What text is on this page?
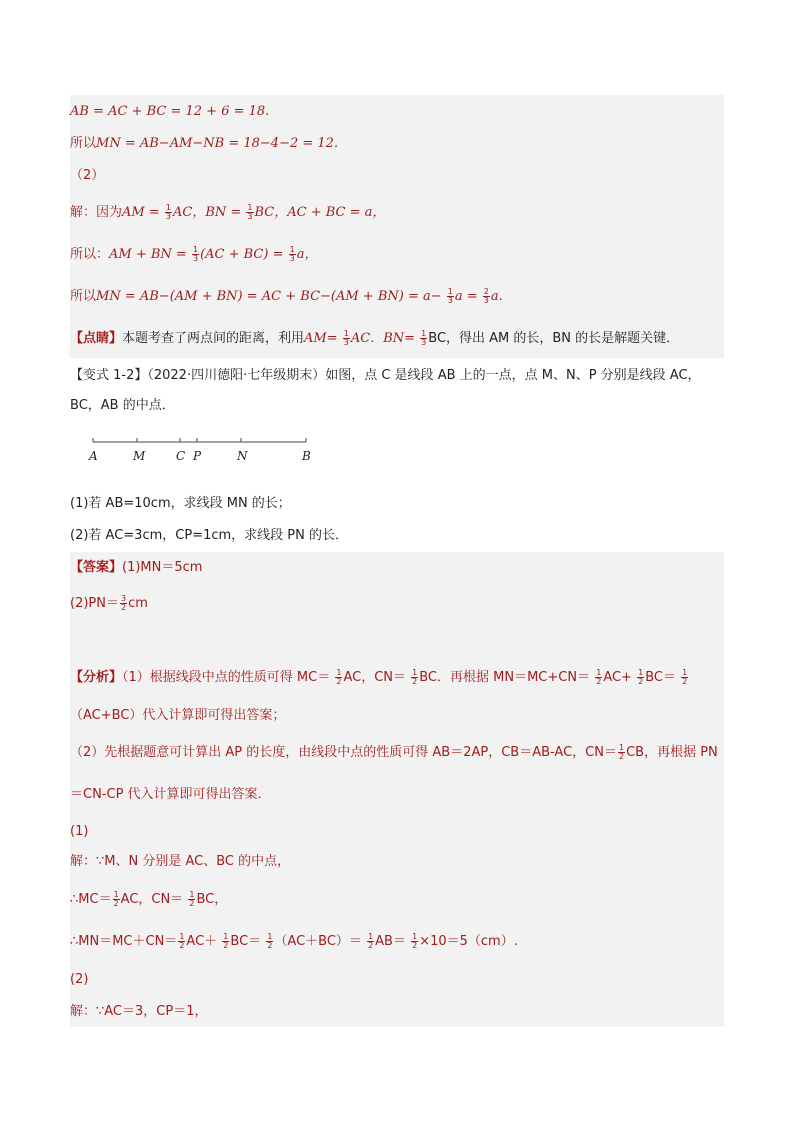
AB = AC + BC = 12 + 6 = 18.
所以MN = AB−AM−NB = 18−4−2 = 12.
（2）
解：因为AM = $\frac{1}{3}$ AC，BN = $\frac{1}{3}$ BC，AC + BC = a，
所以：AM + BN = $\frac{1}{3} (AC + BC) = \frac{1}{3}$ a，
所以MN = AB−(AM + BN) = AC + $BC-(AM + BN) = a- \frac{1}{3}$ $a = \frac{2}{3} a$.
【点睛】本题考查了两点间的距离，利用$AM= \frac{1}{3}$ AC．$BN= \frac{1}{3}$ BC，得出 AM 的长，BN 的长是解题关键．
【变式 1-2】（2022·四川德阳·七年级期末）如图，点 C 是线段 AB 上的一点，点 M、N、P 分别是线段 AC，
BC，AB 的中点．
A	M	C P	N	B
(1)若 AB=10cm，求线段 MN 的长；
(2)若 AC=3cm，CP=1cm，求线段 PN 的长．
【答案】(1)MN＝5cm
$(2)PN= \frac{3}{2}$ cm
【分析】（1）根据线段中点的性质可得 $MC= \frac{1}{2}$ AC，$CN= \frac{1}{2}$ BC．再根据 $MN=MC+CN= \frac{1}{2} AC+ \frac{1}{2} BC= \frac{1}{2}$
（AC+BC）代入计算即可得出答案；
（2）先根据题意可计算出 AP 的长度，由线段中点的性质可得 AB＝2AP，CB＝AB-AC，$CN= \frac{1}{2}$ CB，再根据 PN
＝CN-CP 代入计算即可得出答案．
(1)
解：∵M、N 分别是 AC、BC 的中点，
∴MC＝ $\frac{1}{2}$ AC，$CN= \frac{1}{2}$ BC，
∴MN＝MC＋CN＝ $\frac{1}{2} AC+ \frac{1}{2} BC= \frac{1}{2} (AC+BC)= \frac{1}{2} AB= \frac{1}{2} \times 10=5(cm)$.
(2)
解：∵AC＝3，CP＝1，
